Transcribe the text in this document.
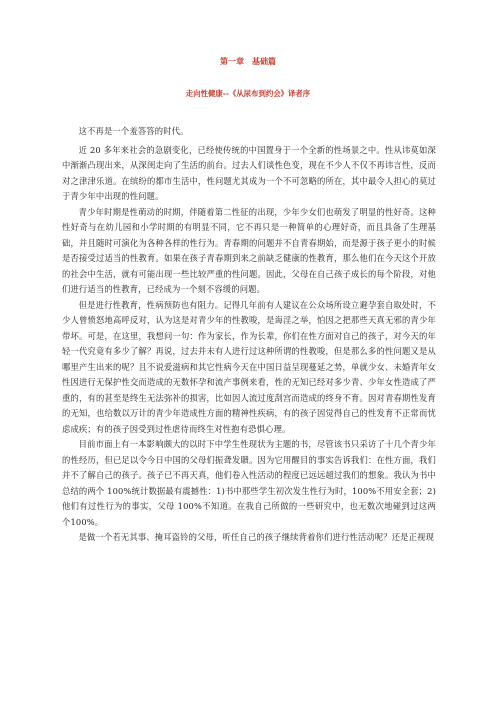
第一章　基础篇
走向性健康--《从尿布到约会》译者序

这不再是一个羞答答的时代。

近 20 多年来社会的急剧变化，已经使传统的中国置身于一个全新的性场景之中。性从讳莫如深中渐渐凸现出来，从深闺走向了生活的前台。过去人们谈性色变，现在不少人不仅不再讳言性，反而对之津津乐道。在缤纷的都市生活中，性问题尤其成为一个不可忽略的所在，其中最令人担心的莫过于青少年中出现的性问题。

青少年时期是性萌动的时期，伴随着第二性征的出现，少年少女们也萌发了明显的性好奇。这种性好奇与在幼儿园和小学时期的有明显不同，它不再只是一种简单的心理好奇，而且具备了生理基础，并且随时可演化为各种各样的性行为。青春期的问题并不自青春期始，而是源于孩子更小的时候是否接受过适当的性教育。如果在孩子青春期到来之前缺乏健康的性教育，那么他们在今天这个开放的社会中生活，就有可能出现一些比较严重的性问题。因此，父母在自己孩子成长的每个阶段，对他们进行适当的性教育，已经成为一个刻不容缓的问题。

但是进行性教育，性病预防也有阻力。记得几年前有人建议在公众场所设立避孕套自取处时，不少人曾愤怒地高呼反对，认为这是对青少年的性教唆，是诲淫之举，怕因之把那些天真无邪的青少年带坏。可是，在这里，我想问一句：作为家长，作为长辈，你们在性方面对自己的孩子，对今天的年轻一代究竟有多少了解？再说，过去并未有人进行过这种所谓的性教唆，但是那么多的性问题又是从哪里产生出来的呢？且不说爱滋病和其它性病今天在中国日益呈现蔓延之势，单就少女、未婚青年女性因进行无保护性交而造成的无数怀孕和流产事例来看，性的无知已经对多少青、少年女性造成了严重的，有的甚至是终生无法弥补的损害，比如因人流过度刮宫而造成的终身不育。因对青春期性发育的无知，也给数以万计的青少年造成性方面的精神性疾病，有的孩子因觉得自己的性发育不正常而忧虑成疾；有的孩子因受到过性虐待而终生对性抱有恐惧心理。

目前市面上有一本影响颇大的以时下中学生性现状为主题的书，尽管该书只采访了十几个青少年的性经历，但已足以令今日中国的父母们振聋发聩。因为它用醒目的事实告诉我们：在性方面，我们并不了解自己的孩子。孩子已不再天真，他们卷入性活动的程度已远远超过我们的想象。我认为书中总结的两个 100%统计数据最有震撼性：1)书中那些学生初次发生性行为时，100%不用安全套；2)他们有过性行为的事实，父母 100%不知道。在我自己所做的一些研究中，也无数次地碰到过这两个100%。

是做一个若无其事、掩耳盗铃的父母，听任自己的孩子继续背着你们进行性活动呢？还是正视现
